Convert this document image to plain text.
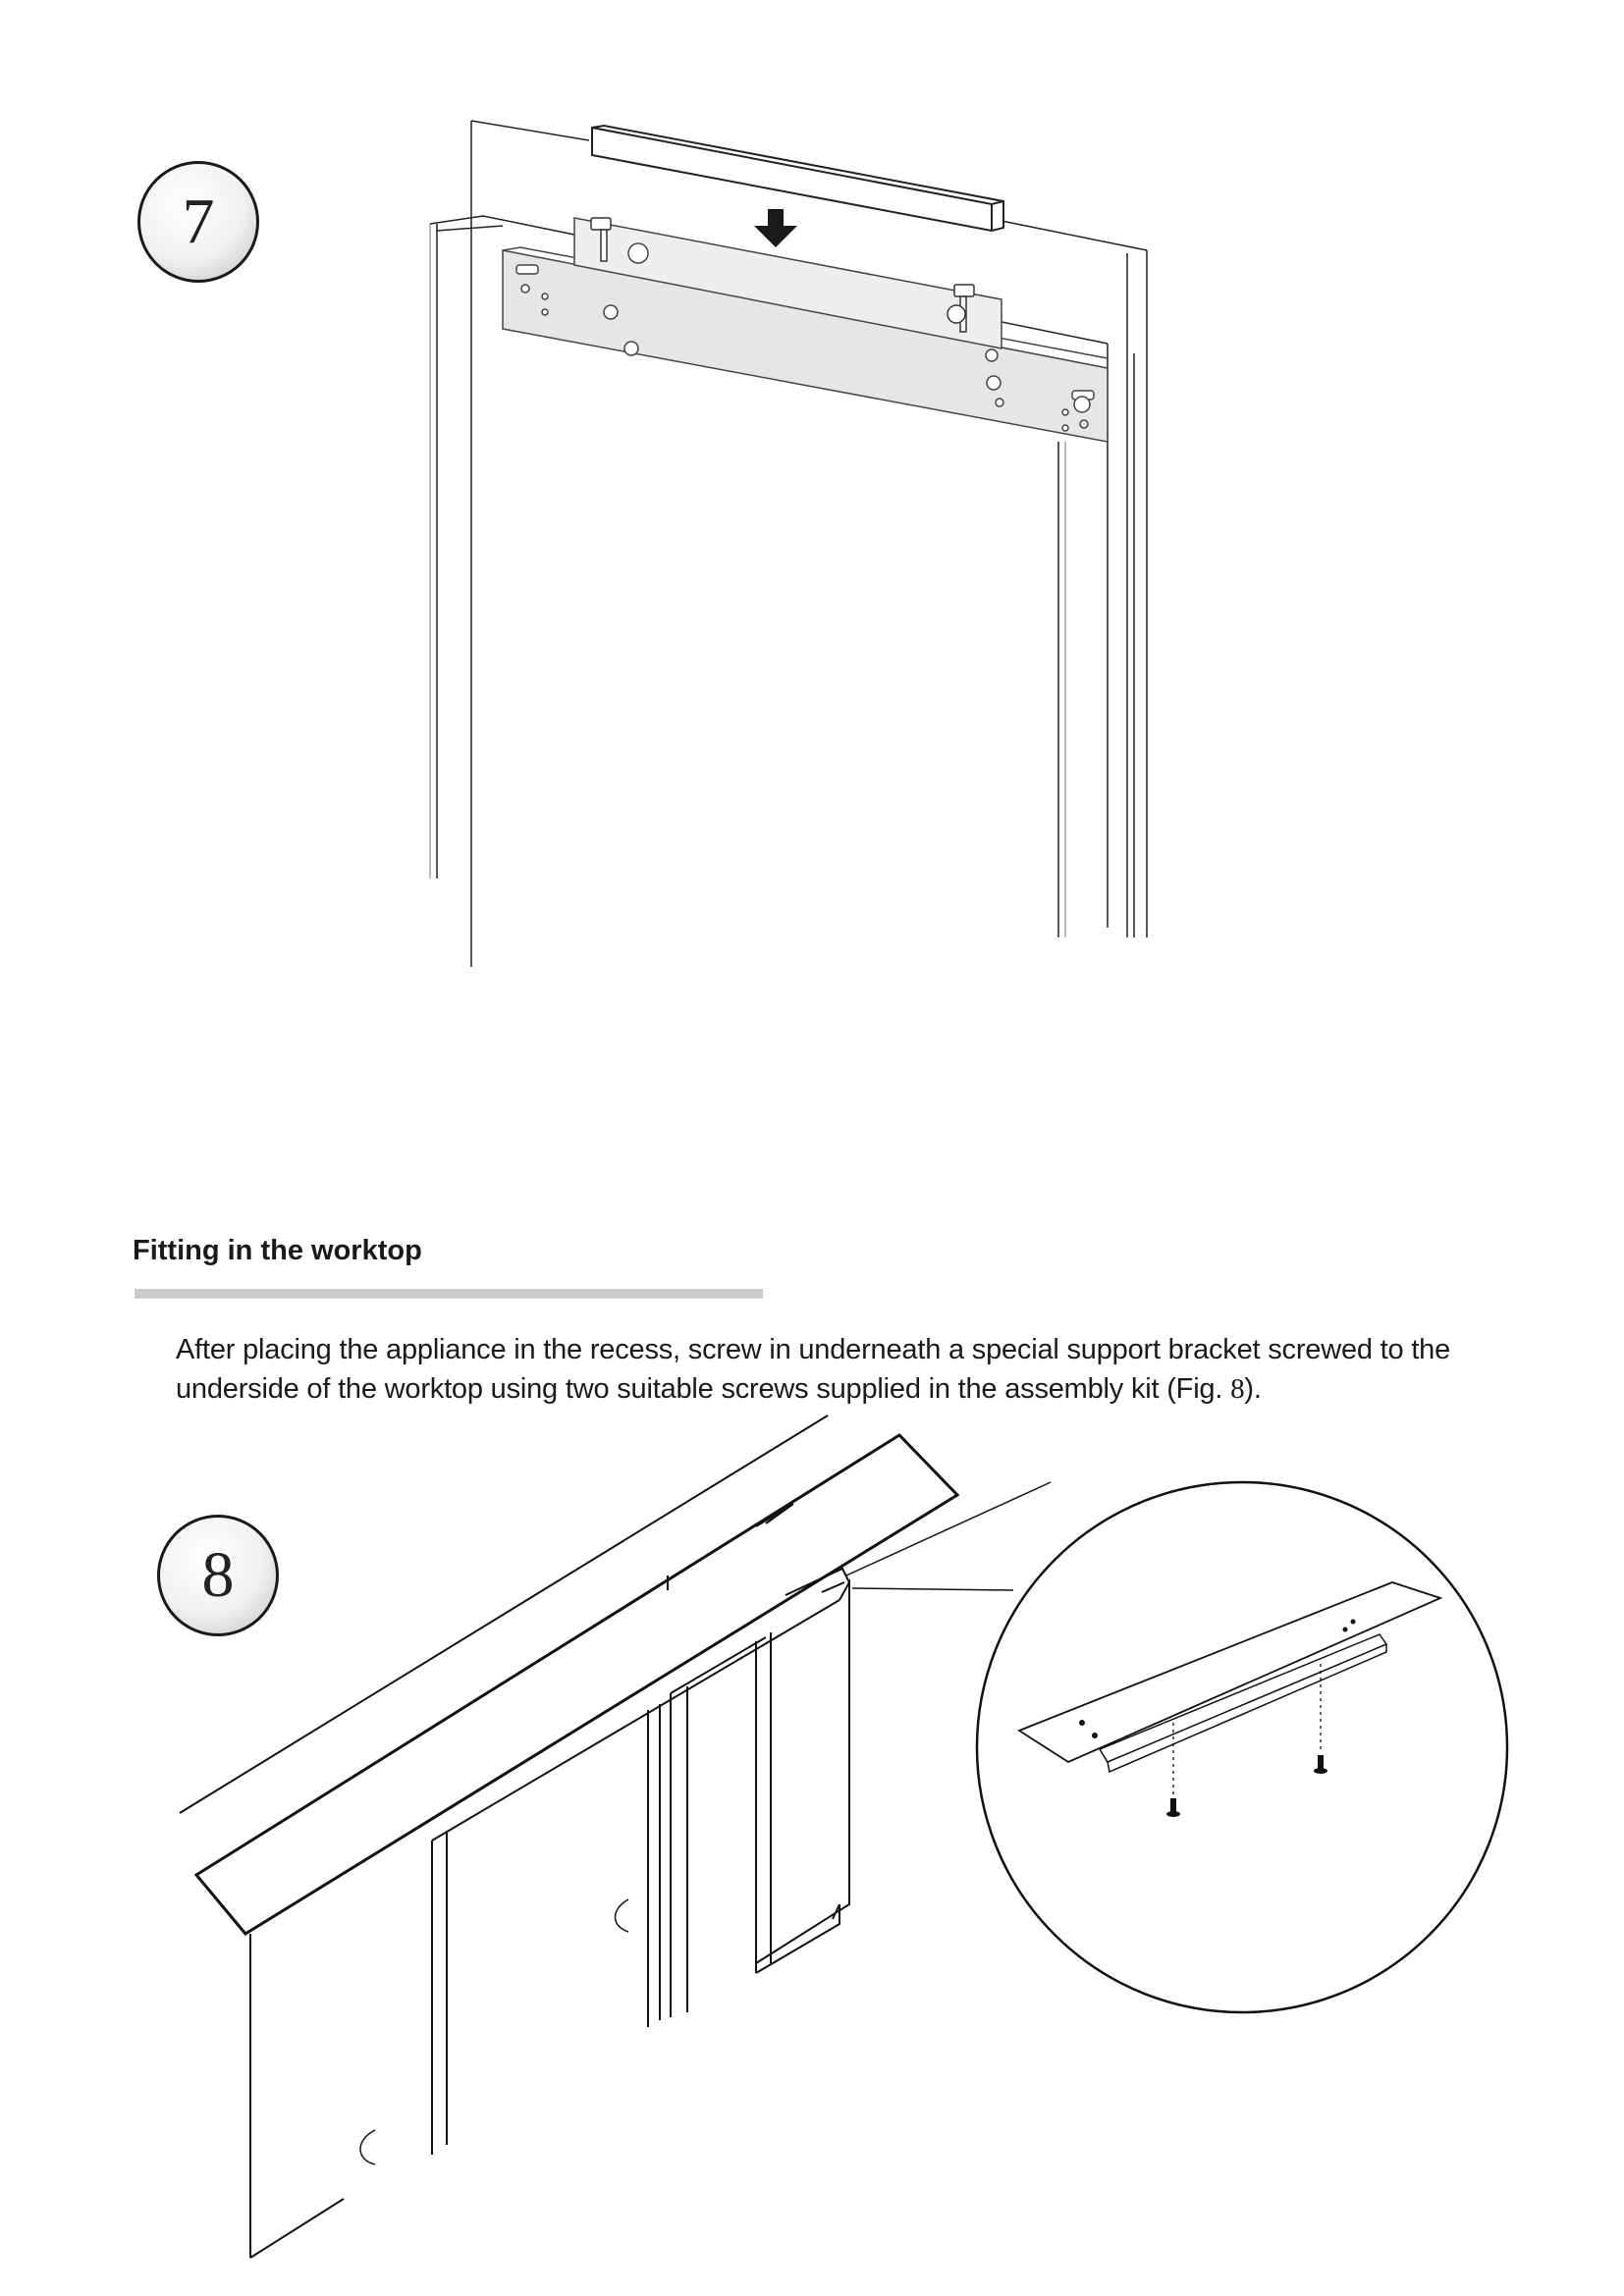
7
Fitting in the worktop

After placing the appliance in the recess, screw in underneath a special support bracket screwed to the underside of the worktop using two suitable screws supplied in the assembly kit (Fig. 8).

8
